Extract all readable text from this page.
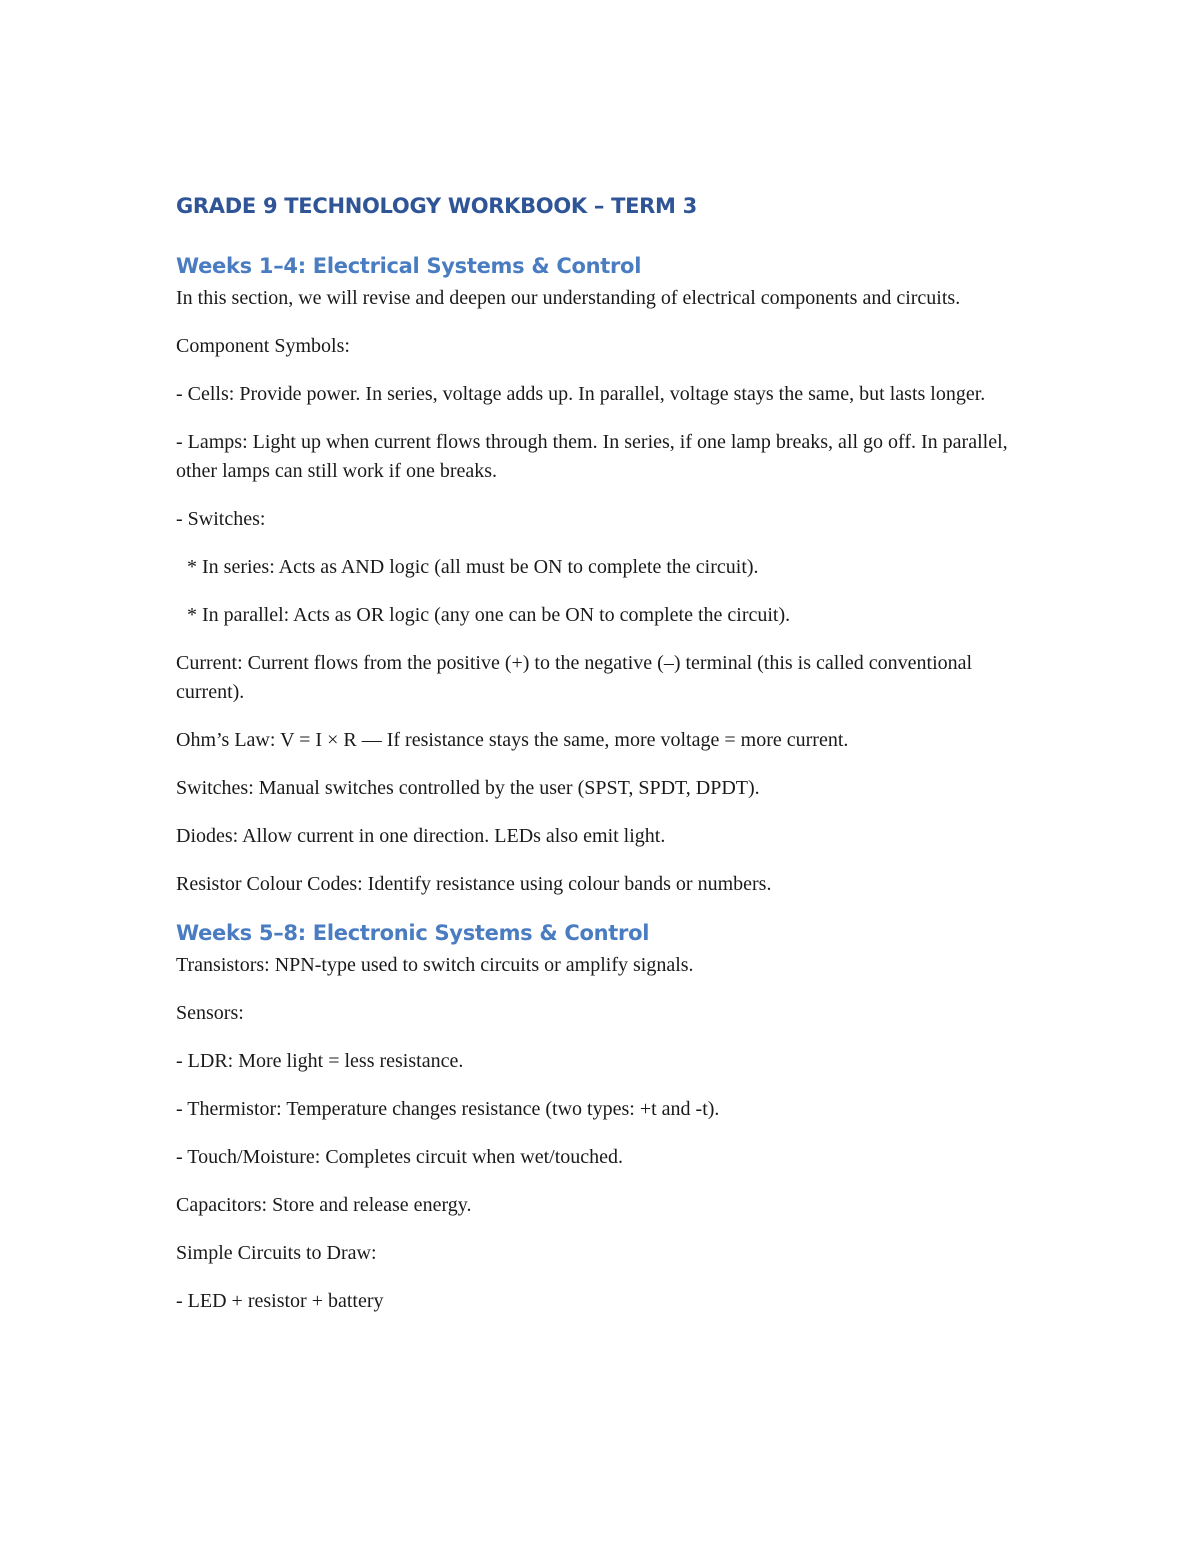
GRADE 9 TECHNOLOGY WORKBOOK – TERM 3
Weeks 1–4: Electrical Systems & Control

In this section, we will revise and deepen our understanding of electrical components and circuits.

Component Symbols:

- Cells: Provide power. In series, voltage adds up. In parallel, voltage stays the same, but lasts longer.

- Lamps: Light up when current flows through them. In series, if one lamp breaks, all go off. In parallel, other lamps can still work if one breaks.

- Switches:

* In series: Acts as AND logic (all must be ON to complete the circuit).

* In parallel: Acts as OR logic (any one can be ON to complete the circuit).

Current: Current flows from the positive (+) to the negative (–) terminal (this is called conventional current).

Ohm’s Law: V = I × R — If resistance stays the same, more voltage = more current.

Switches: Manual switches controlled by the user (SPST, SPDT, DPDT).

Diodes: Allow current in one direction. LEDs also emit light.

Resistor Colour Codes: Identify resistance using colour bands or numbers.

Weeks 5–8: Electronic Systems & Control

Transistors: NPN-type used to switch circuits or amplify signals.

Sensors:

- LDR: More light = less resistance.

- Thermistor: Temperature changes resistance (two types: +t and -t).

- Touch/Moisture: Completes circuit when wet/touched.

Capacitors: Store and release energy.

Simple Circuits to Draw:

- LED + resistor + battery
